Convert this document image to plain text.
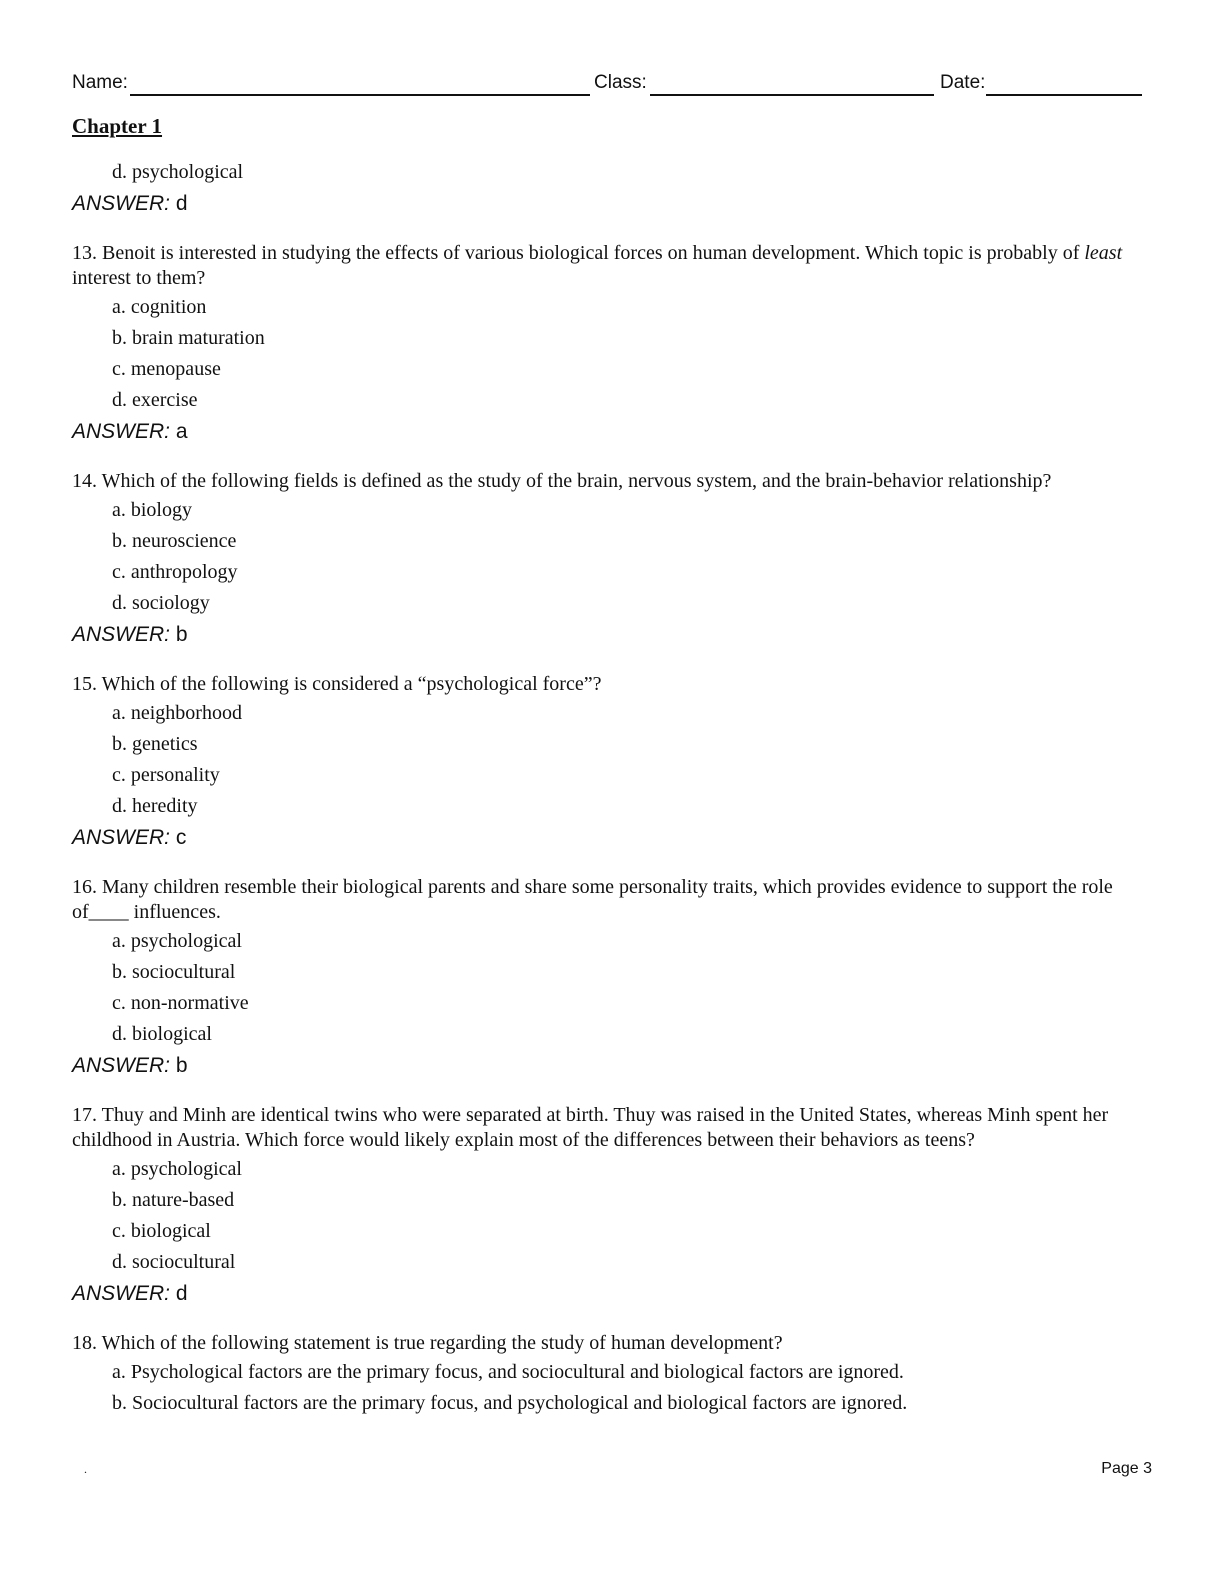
Name:	Class:	Date:
Chapter 1
d. psychological
ANSWER: d
13. Benoit is interested in studying the effects of various biological forces on human development. Which topic is probably of least interest to them?
a. cognition
b. brain maturation
c. menopause
d. exercise
ANSWER: a
14. Which of the following fields is defined as the study of the brain, nervous system, and the brain-behavior relationship?
a. biology
b. neuroscience
c. anthropology
d. sociology
ANSWER: b
15. Which of the following is considered a “psychological force”?
a. neighborhood
b. genetics
c. personality
d. heredity
ANSWER: c
16. Many children resemble their biological parents and share some personality traits, which provides evidence to support the role of____ influences.
a. psychological
b. sociocultural
c. non-normative
d. biological
ANSWER: b
17. Thuy and Minh are identical twins who were separated at birth. Thuy was raised in the United States, whereas Minh spent her childhood in Austria. Which force would likely explain most of the differences between their behaviors as teens?
a. psychological
b. nature-based
c. biological
d. sociocultural
ANSWER: d
18. Which of the following statement is true regarding the study of human development?
a. Psychological factors are the primary focus, and sociocultural and biological factors are ignored.
b. Sociocultural factors are the primary focus, and psychological and biological factors are ignored.
.	Page 3
